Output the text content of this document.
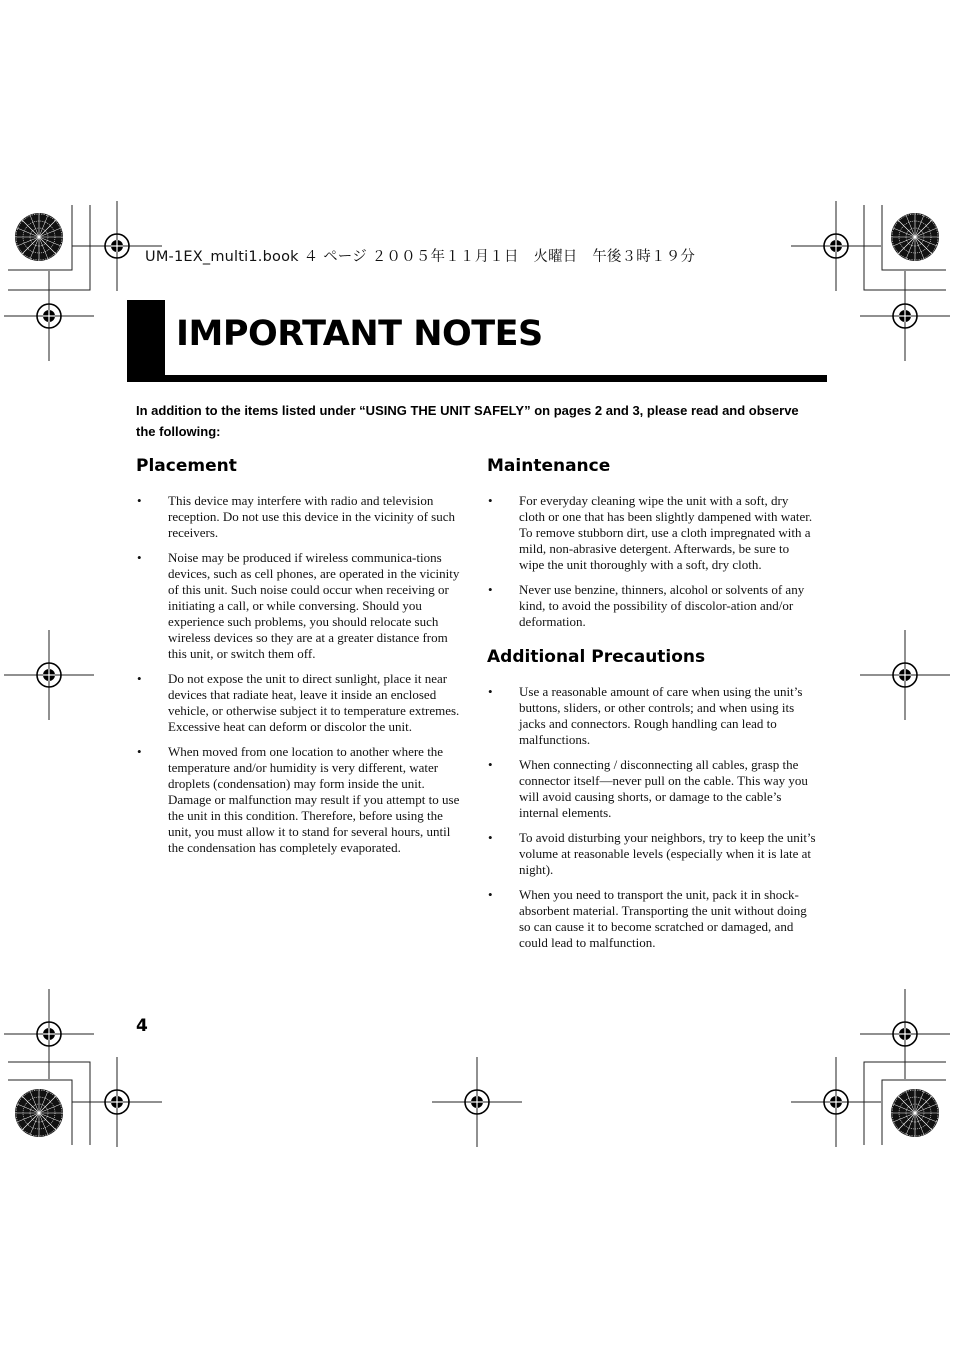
UM-1EX_multi1.book ４ ページ ２００５年１１月１日　火曜日　午後３時１９分
IMPORTANT NOTES
In addition to the items listed under “USING THE UNIT SAFELY” on pages 2 and 3, please read and observe the following:
Placement
• This device may interfere with radio and television reception. Do not use this device in the vicinity of such receivers.
• Noise may be produced if wireless communica-tions devices, such as cell phones, are operated in the vicinity of this unit. Such noise could occur when receiving or initiating a call, or while conversing. Should you experience such problems, you should relocate such wireless devices so they are at a greater distance from this unit, or switch them off.
• Do not expose the unit to direct sunlight, place it near devices that radiate heat, leave it inside an enclosed vehicle, or otherwise subject it to temperature extremes. Excessive heat can deform or discolor the unit.
• When moved from one location to another where the temperature and/or humidity is very different, water droplets (condensation) may form inside the unit. Damage or malfunction may result if you attempt to use the unit in this condition. Therefore, before using the unit, you must allow it to stand for several hours, until the condensation has completely evaporated.
Maintenance
• For everyday cleaning wipe the unit with a soft, dry cloth or one that has been slightly dampened with water. To remove stubborn dirt, use a cloth impregnated with a mild, non-abrasive detergent. Afterwards, be sure to wipe the unit thoroughly with a soft, dry cloth.
• Never use benzine, thinners, alcohol or solvents of any kind, to avoid the possibility of discolor-ation and/or deformation.
Additional Precautions
• Use a reasonable amount of care when using the unit’s buttons, sliders, or other controls; and when using its jacks and connectors. Rough handling can lead to malfunctions.
• When connecting / disconnecting all cables, grasp the connector itself—never pull on the cable. This way you will avoid causing shorts, or damage to the cable’s internal elements.
• To avoid disturbing your neighbors, try to keep the unit’s volume at reasonable levels (especially when it is late at night).
• When you need to transport the unit, pack it in shock-absorbent material. Transporting the unit without doing so can cause it to become scratched or damaged, and could lead to malfunction.
4
